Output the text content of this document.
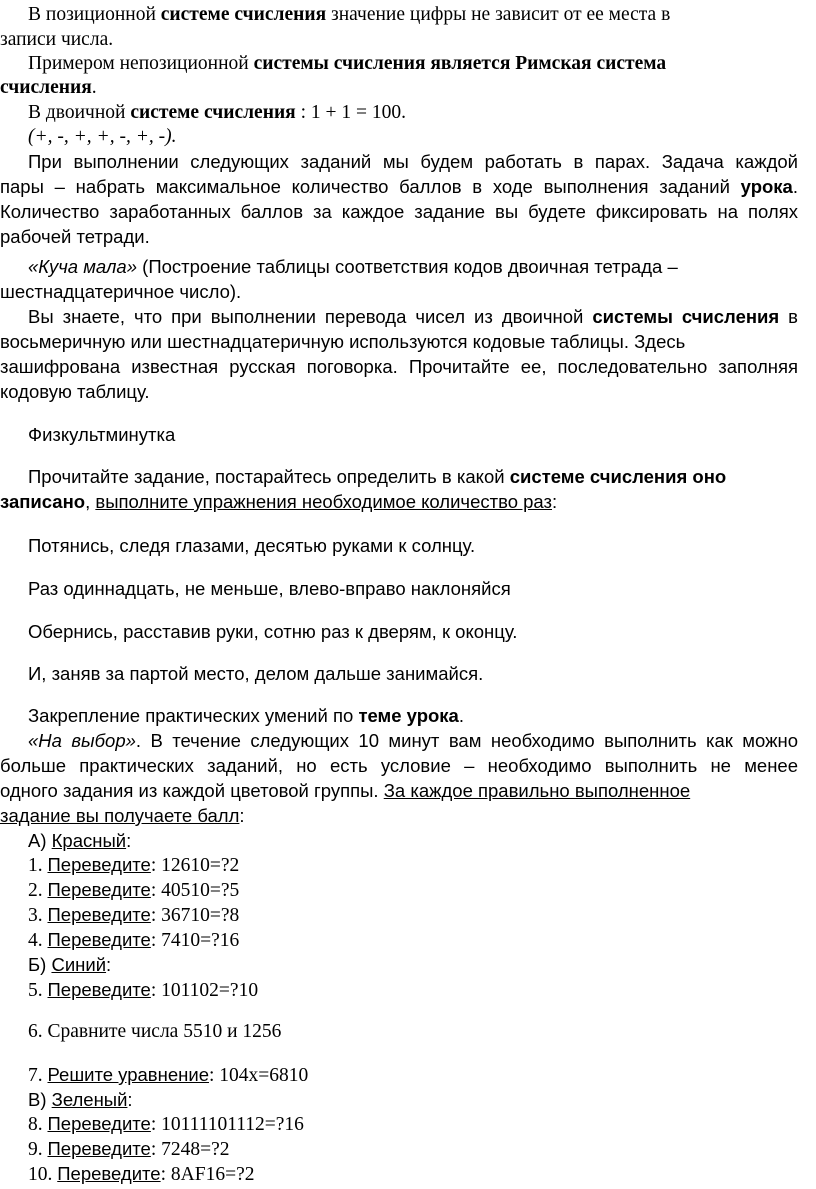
В позиционной системе счисления значение цифры не зависит от ее места в
записи числа.
Примером непозиционной системы счисления является Римская система
счисления.
В двоичной системе счисления : 1 + 1 = 100.
(+, -, +, +, -, +, -).
При выполнении следующих заданий мы будем работать в парах. Задача каждой
пары – набрать максимальное количество баллов в ходе выполнения заданий урока.
Количество заработанных баллов за каждое задание вы будете фиксировать на полях
рабочей тетради.
«Куча мала» (Построение таблицы соответствия кодов двоичная тетрада –
шестнадцатеричное число).
Вы знаете, что при выполнении перевода чисел из двоичной системы счисления в
восьмеричную или шестнадцатеричную используются кодовые таблицы. Здесь
зашифрована известная русская поговорка. Прочитайте ее, последовательно заполняя
кодовую таблицу.
Физкультминутка
Прочитайте задание, постарайтесь определить в какой системе счисления оно
записано, выполните упражнения необходимое количество раз:
Потянись, следя глазами, десятью руками к солнцу.
Раз одиннадцать, не меньше, влево-вправо наклоняйся
Обернись, расставив руки, сотню раз к дверям, к оконцу.
И, заняв за партой место, делом дальше занимайся.
Закрепление практических умений по теме урока.
«На выбор». В течение следующих 10 минут вам необходимо выполнить как можно
больше практических заданий, но есть условие – необходимо выполнить не менее
одного задания из каждой цветовой группы. За каждое правильно выполненное
задание вы получаете балл:
А) Красный:
1. Переведите: 12610=?2
2. Переведите: 40510=?5
3. Переведите: 36710=?8
4. Переведите: 7410=?16
Б) Синий:
5. Переведите: 101102=?10
6. Сравните числа 5510 и 1256
7. Решите уравнение: 104x=6810
В) Зеленый:
8. Переведите: 10111101112=?16
9. Переведите: 7248=?2
10. Переведите: 8AF16=?2
